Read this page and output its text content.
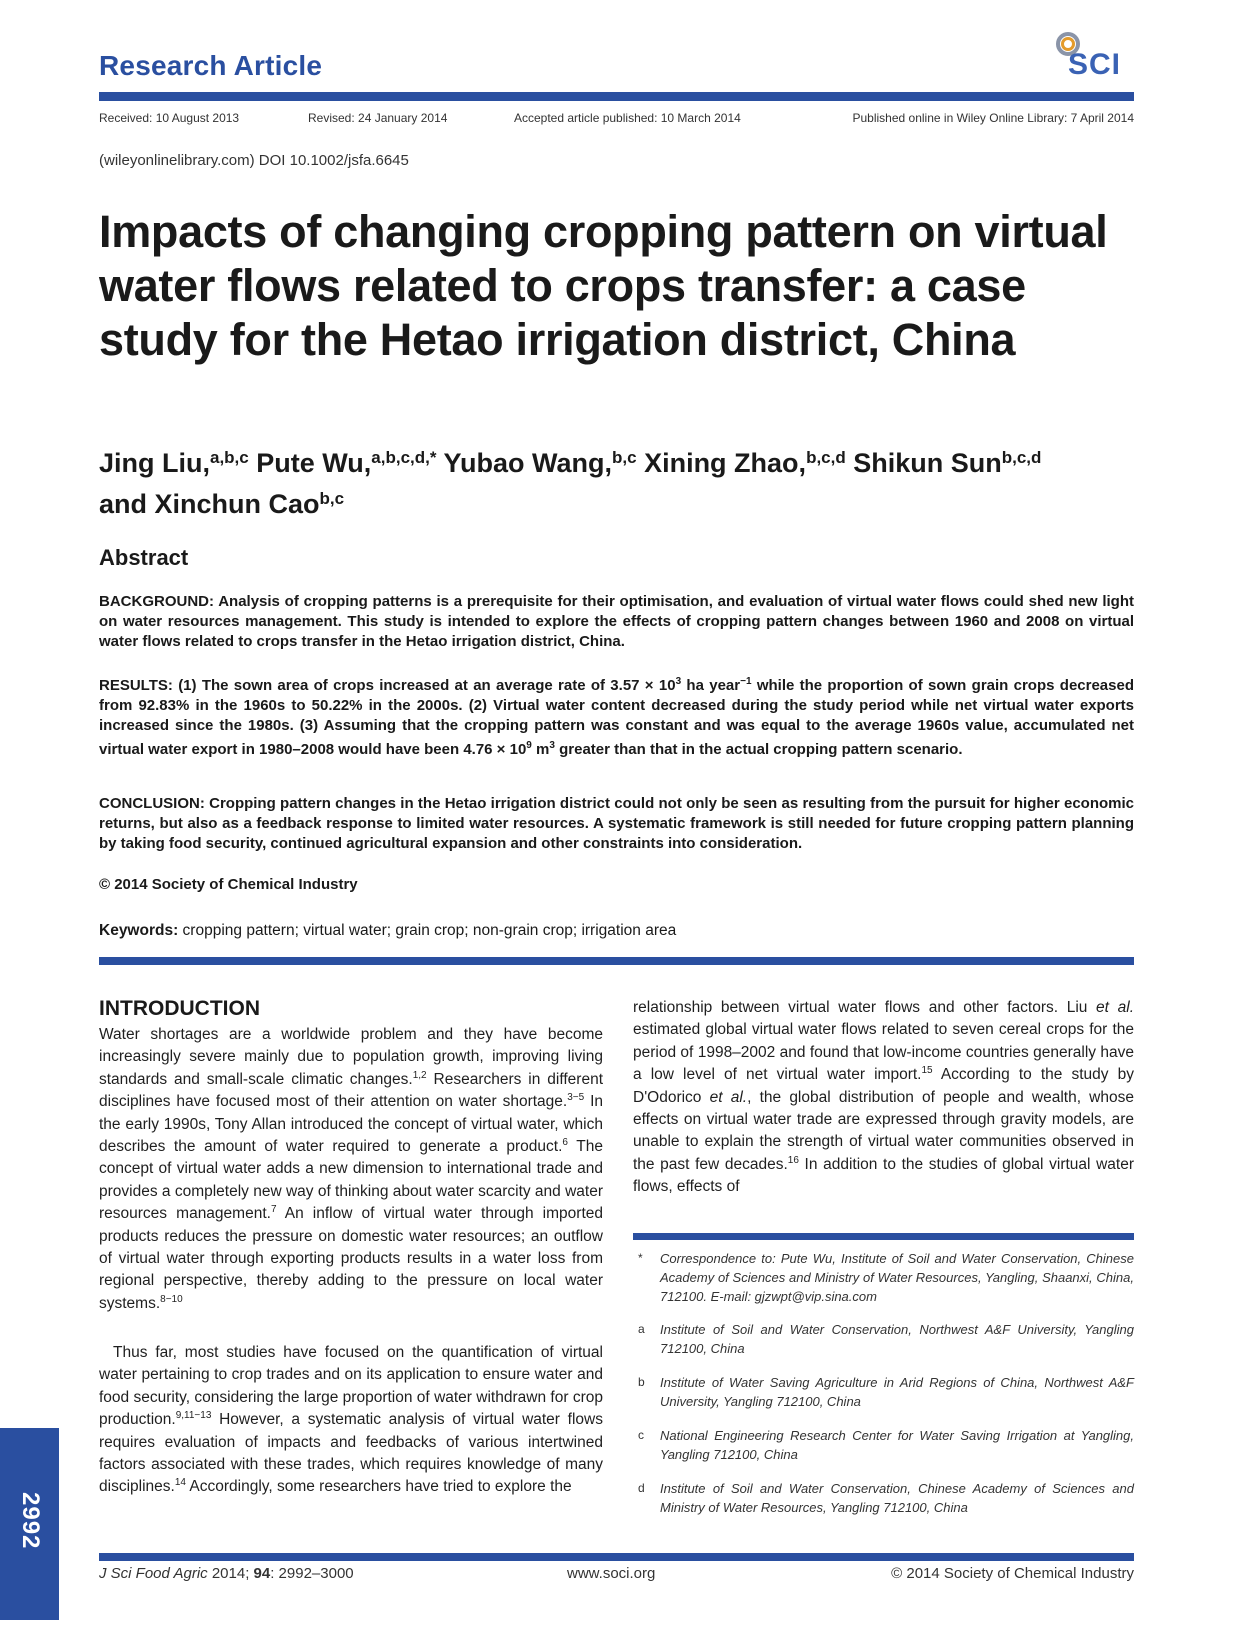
Research Article	SCI
Received: 10 August 2013	Revised: 24 January 2014	Accepted article published: 10 March 2014	Published online in Wiley Online Library: 7 April 2014
(wileyonlinelibrary.com) DOI 10.1002/jsfa.6645
Impacts of changing cropping pattern on virtual water flows related to crops transfer: a case study for the Hetao irrigation district, China
Jing Liu,$^{a,b,c}$ Pute Wu,$^{a,b,c,d,*}$ Yubao Wang,$^{b,c}$ Xining Zhao,$^{b,c,d}$ Shikun Sun$^{b,c,d}$
and Xinchun Cao$^{b,c}$
Abstract

BACKGROUND: Analysis of cropping patterns is a prerequisite for their optimisation, and evaluation of virtual water flows could shed new light on water resources management. This study is intended to explore the effects of cropping pattern changes between 1960 and 2008 on virtual water flows related to crops transfer in the Hetao irrigation district, China.

RESULTS: (1) The sown area of crops increased at an average rate of $3.57 \times 10^3$ ha year$^{-1}$ while the proportion of sown grain crops decreased from 92.83% in the 1960s to 50.22% in the 2000s. (2) Virtual water content decreased during the study period while net virtual water exports increased since the 1980s. (3) Assuming that the cropping pattern was constant and was equal to the average 1960s value, accumulated net virtual water export in 1980–2008 would have been $4.76 \times 10^9$ $m^3$ greater than that in the actual cropping pattern scenario.

CONCLUSION: Cropping pattern changes in the Hetao irrigation district could not only be seen as resulting from the pursuit for higher economic returns, but also as a feedback response to limited water resources. A systematic framework is still needed for future cropping pattern planning by taking food security, continued agricultural expansion and other constraints into consideration.

© 2014 Society of Chemical Industry

Keywords: cropping pattern; virtual water; grain crop; non-grain crop; irrigation area

INTRODUCTION

Water shortages are a worldwide problem and they have become increasingly severe mainly due to population growth, improving living standards and small-scale climatic changes.$^{1,2}$ Researchers in different disciplines have focused most of their attention on water shortage.$^{3-5}$ In the early 1990s, Tony Allan introduced the concept of virtual water, which describes the amount of water required to generate a product.$^6$ The concept of virtual water adds a new dimension to international trade and provides a completely new way of thinking about water scarcity and water resources management.$^7$ An inflow of virtual water through imported products reduces the pressure on domestic water resources; an outflow of virtual water through exporting products results in a water loss from regional perspective, thereby adding to the pressure on local water systems.$^{8-10}$

Thus far, most studies have focused on the quantification of virtual water pertaining to crop trades and on its application to ensure water and food security, considering the large proportion of water withdrawn for crop production.$^{9,11-13}$ However, a systematic analysis of virtual water flows requires evaluation of impacts and feedbacks of various intertwined factors associated with these trades, which requires knowledge of many disciplines.$^{14}$ Accordingly, some researchers have tried to explore the

relationship between virtual water flows and other factors. Liu et al. estimated global virtual water flows related to seven cereal crops for the period of 1998–2002 and found that low-income countries generally have a low level of net virtual water import.$^{15}$ According to the study by D'Odorico et al., the global distribution of people and wealth, whose effects on virtual water trade are expressed through gravity models, are unable to explain the strength of virtual water communities observed in the past few decades.$^{16}$ In addition to the studies of global virtual water flows, effects of

*	Correspondence to: Pute Wu, Institute of Soil and Water Conservation, Chinese Academy of Sciences and Ministry of Water Resources, Yangling, Shaanxi, China, 712100. E-mail: gjzwpt@vip.sina.com
a	Institute of Soil and Water Conservation, Northwest A&F University, Yangling 712100, China
b	Institute of Water Saving Agriculture in Arid Regions of China, Northwest A&F University, Yangling 712100, China
c	National Engineering Research Center for Water Saving Irrigation at Yangling, Yangling 712100, China
d	Institute of Soil and Water Conservation, Chinese Academy of Sciences and Ministry of Water Resources, Yangling 712100, China
2992
J Sci Food Agric 2014; 94: 2992–3000	www.soci.org	© 2014 Society of Chemical Industry
